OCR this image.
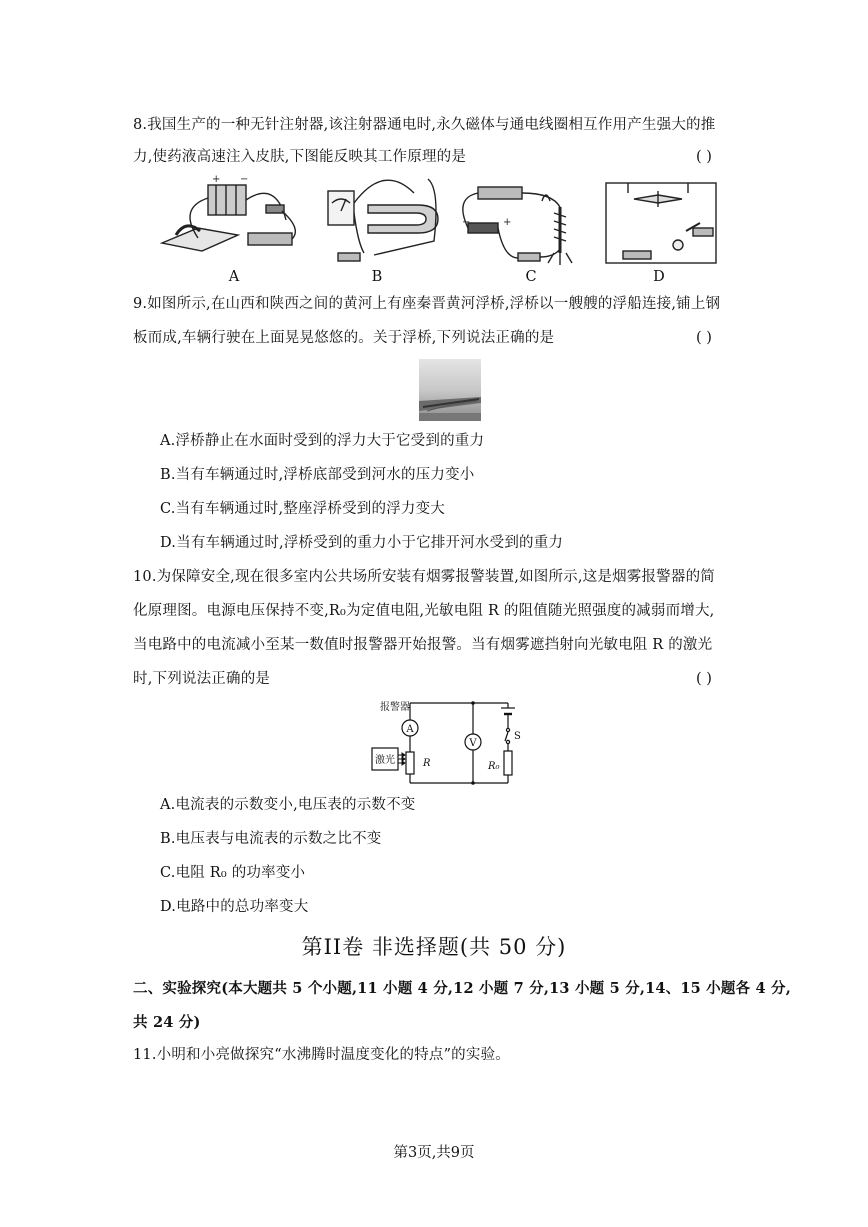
8.我国生产的一种无针注射器,该注射器通电时,永久磁体与通电线圈相互作用产生强大的推
力,使药液高速注入皮肤,下图能反映其工作原理的是	( )
+ −
−	+
A	B	C	D
9.如图所示,在山西和陕西之间的黄河上有座秦晋黄河浮桥,浮桥以一艘艘的浮船连接,铺上钢
板而成,车辆行驶在上面晃晃悠悠的。关于浮桥,下列说法正确的是	( )
A.浮桥静止在水面时受到的浮力大于它受到的重力
B.当有车辆通过时,浮桥底部受到河水的压力变小
C.当有车辆通过时,整座浮桥受到的浮力变大
D.当有车辆通过时,浮桥受到的重力小于它排开河水受到的重力
10.为保障安全,现在很多室内公共场所安装有烟雾报警装置,如图所示,这是烟雾报警器的简
化原理图。电源电压保持不变,R₀为定值电阻,光敏电阻 R 的阻值随光照强度的减弱而增大,
当电路中的电流减小至某一数值时报警器开始报警。当有烟雾遮挡射向光敏电阻 R 的激光
时,下列说法正确的是	( )
A
报警器
R
激光
V
S
R₀
A.电流表的示数变小,电压表的示数不变
B.电压表与电流表的示数之比不变
C.电阻 R₀ 的功率变小
D.电路中的总功率变大
第II卷 非选择题(共 50 分)
二、实验探究(本大题共 5 个小题,11 小题 4 分,12 小题 7 分,13 小题 5 分,14、15 小题各 4 分,
共 24 分)
11.小明和小亮做探究“水沸腾时温度变化的特点”的实验。
第3页,共9页
